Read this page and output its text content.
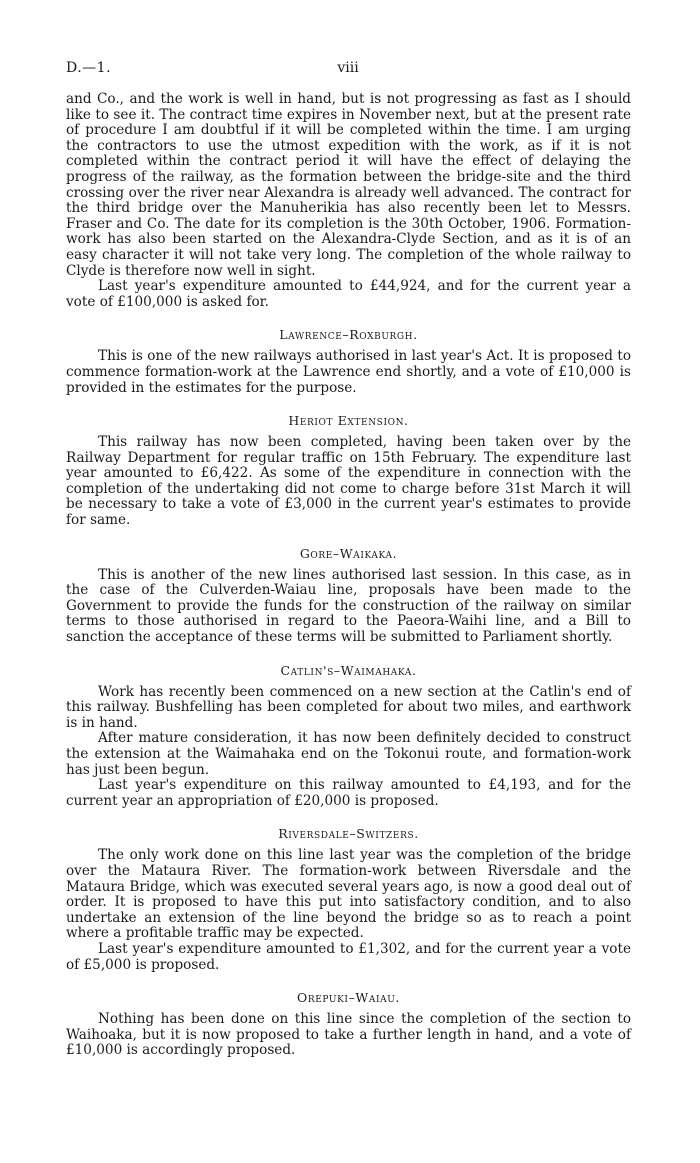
D.—1.	viii

and Co., and the work is well in hand, but is not progressing as fast as I should like to see it. The contract time expires in November next, but at the present rate of procedure I am doubtful if it will be completed within the time. I am urging the contractors to use the utmost expedition with the work, as if it is not completed within the contract period it will have the effect of delaying the progress of the railway, as the formation between the bridge-site and the third crossing over the river near Alexandra is already well advanced. The contract for the third bridge over the Manuherikia has also recently been let to Messrs. Fraser and Co. The date for its completion is the 30th October, 1906. Formation-work has also been started on the Alexandra-Clyde Section, and as it is of an easy character it will not take very long. The completion of the whole railway to Clyde is therefore now well in sight.

Last year's expenditure amounted to £44,924, and for the current year a vote of £100,000 is asked for.

Lawrence–Roxburgh.

This is one of the new railways authorised in last year's Act. It is proposed to commence formation-work at the Lawrence end shortly, and a vote of £10,000 is provided in the estimates for the purpose.

Heriot Extension.

This railway has now been completed, having been taken over by the Railway Department for regular traffic on 15th February. The expenditure last year amounted to £6,422. As some of the expenditure in connection with the completion of the undertaking did not come to charge before 31st March it will be necessary to take a vote of £3,000 in the current year's estimates to provide for same.

Gore–Waikaka.

This is another of the new lines authorised last session. In this case, as in the case of the Culverden-Waiau line, proposals have been made to the Government to provide the funds for the construction of the railway on similar terms to those authorised in regard to the Paeora-Waihi line, and a Bill to sanction the acceptance of these terms will be submitted to Parliament shortly.

Catlin's–Waimahaka.

Work has recently been commenced on a new section at the Catlin's end of this railway. Bushfelling has been completed for about two miles, and earthwork is in hand.

After mature consideration, it has now been definitely decided to construct the extension at the Waimahaka end on the Tokonui route, and formation-work has just been begun.

Last year's expenditure on this railway amounted to £4,193, and for the current year an appropriation of £20,000 is proposed.

Riversdale–Switzers.

The only work done on this line last year was the completion of the bridge over the Mataura River. The formation-work between Riversdale and the Mataura Bridge, which was executed several years ago, is now a good deal out of order. It is proposed to have this put into satisfactory condition, and to also undertake an extension of the line beyond the bridge so as to reach a point where a profitable traffic may be expected.

Last year's expenditure amounted to £1,302, and for the current year a vote of £5,000 is proposed.

Orepuki–Waiau.

Nothing has been done on this line since the completion of the section to Waihoaka, but it is now proposed to take a further length in hand, and a vote of £10,000 is accordingly proposed.
